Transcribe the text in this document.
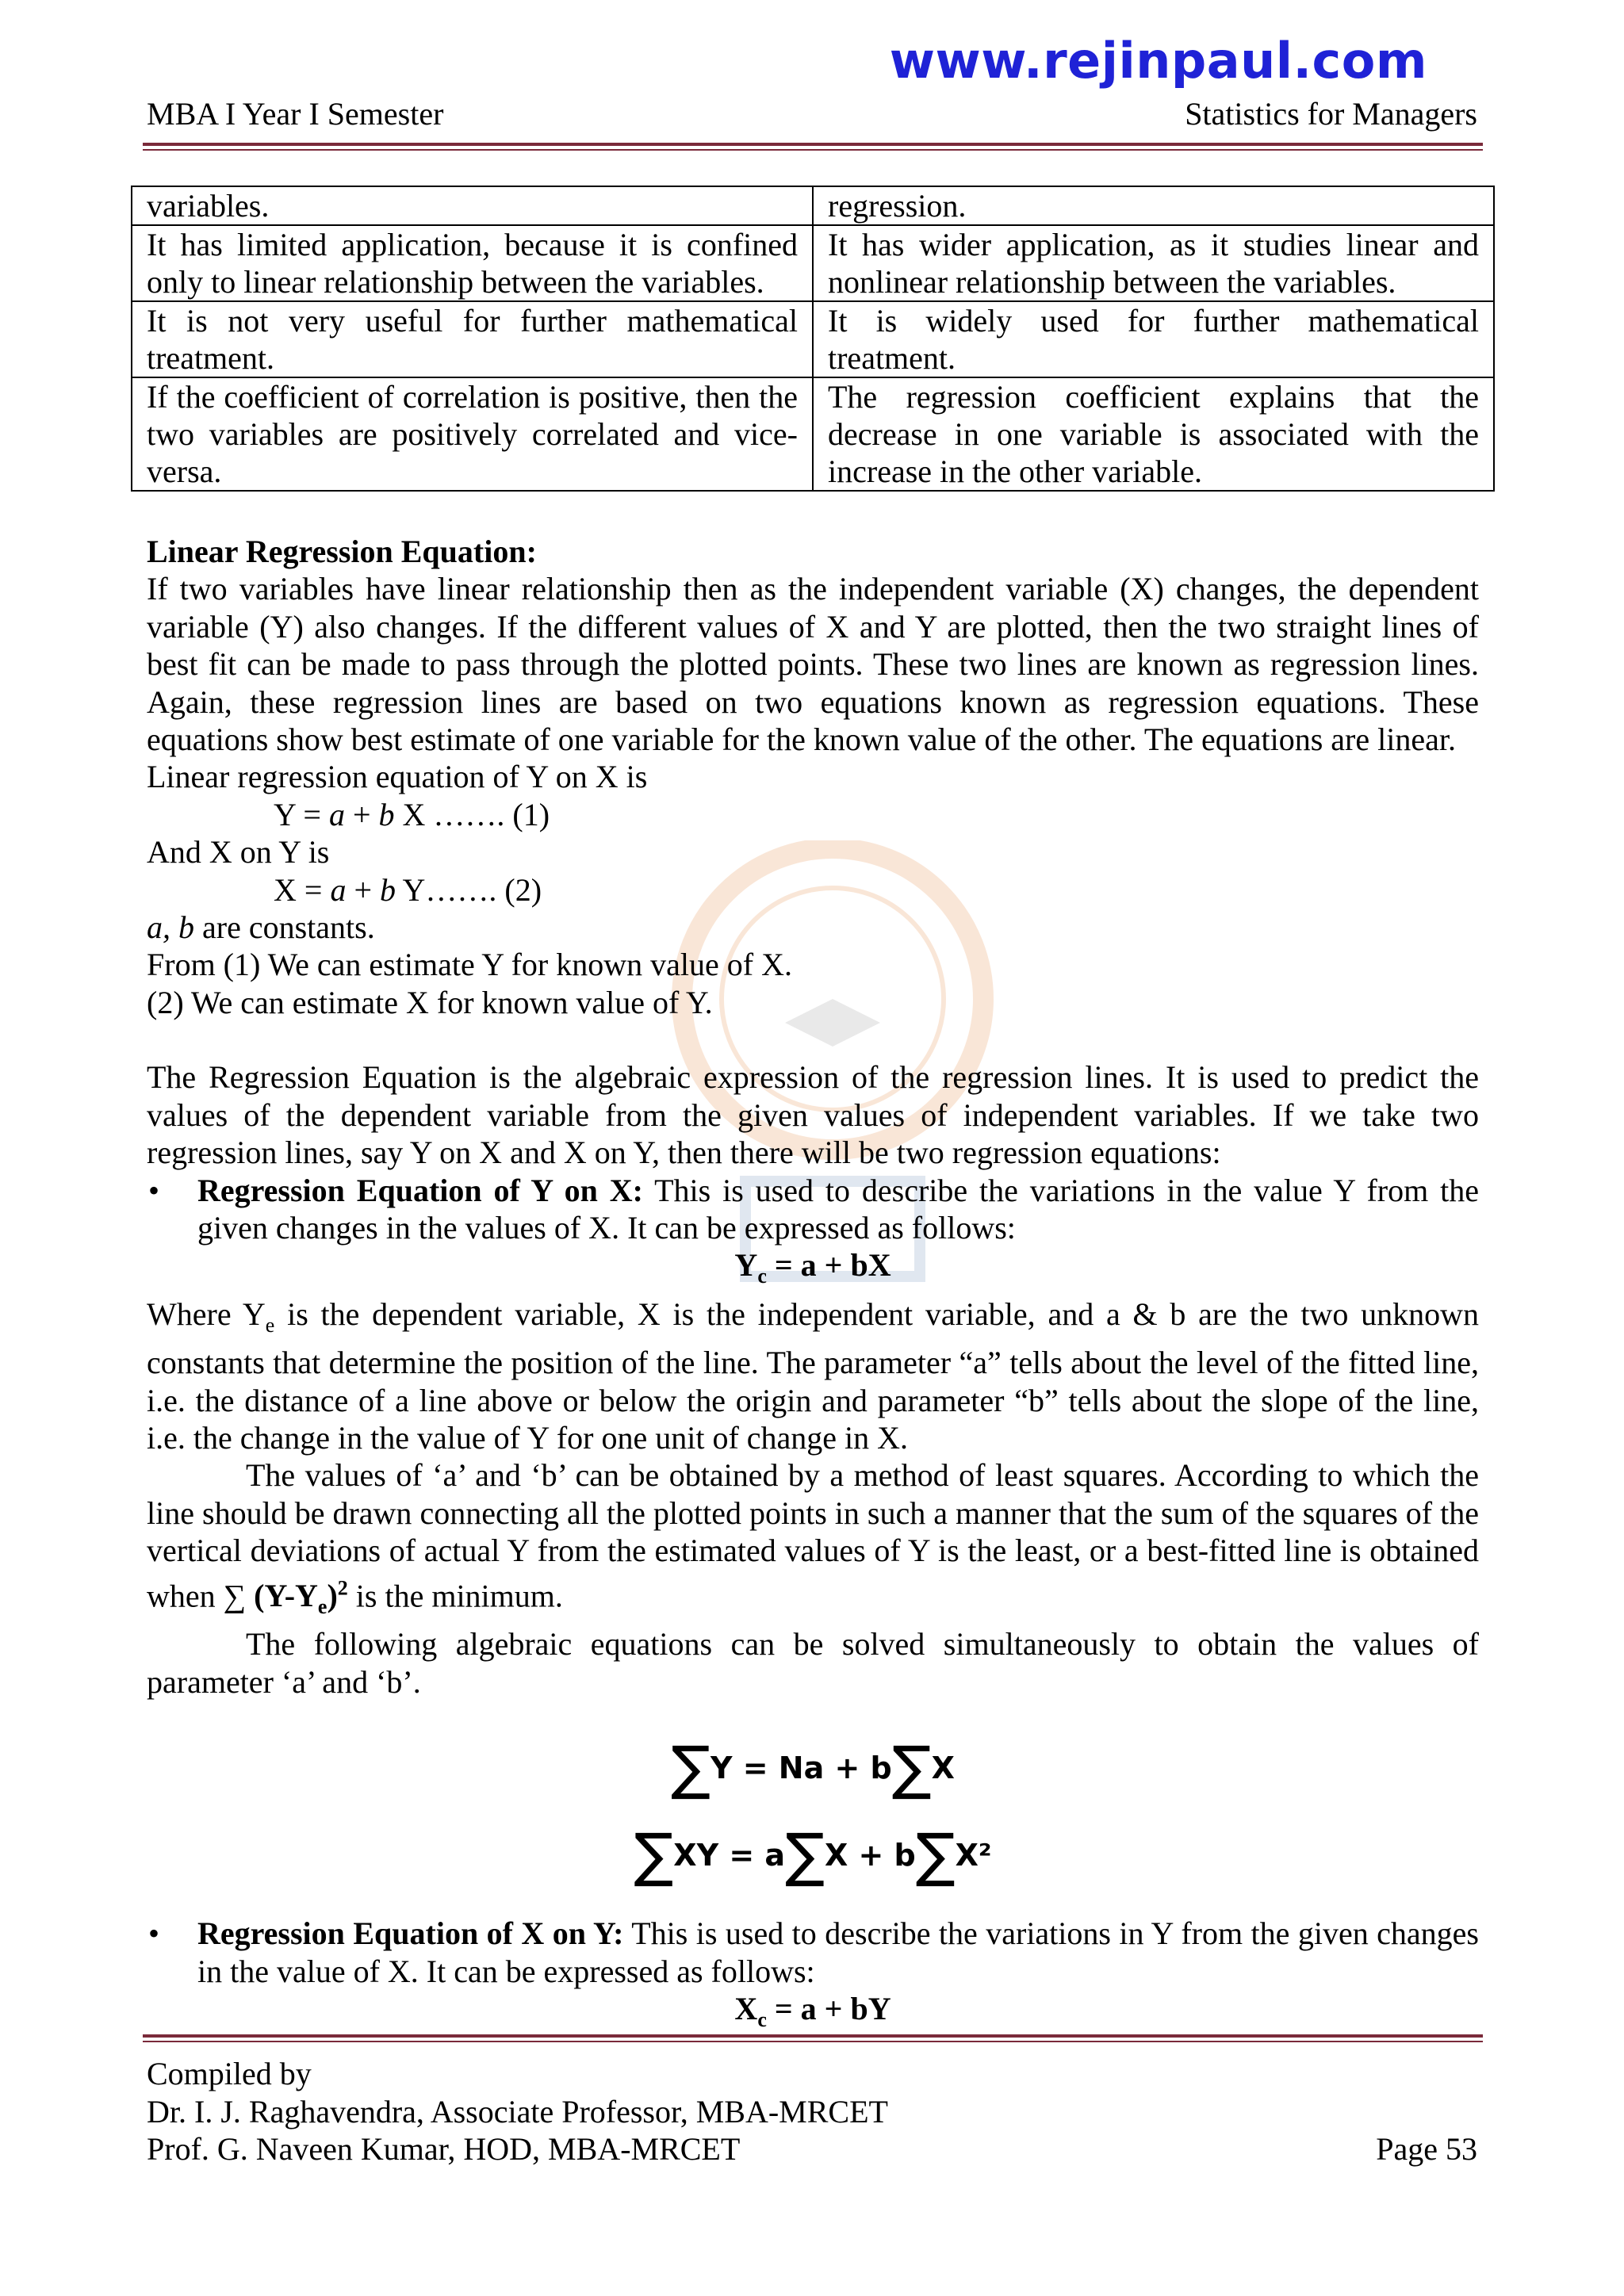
www.rejinpaul.com
MBA I Year I Semester	Statistics for Managers
variables.	regression.
It has limited application, because it is confined only to linear relationship between the variables.	It has wider application, as it studies linear and nonlinear relationship between the variables.
It is not very useful for further mathematical treatment.	It is widely used for further mathematical treatment.
If the coefficient of correlation is positive, then the two variables are positively correlated and vice-versa.	The regression coefficient explains that the decrease in one variable is associated with the increase in the other variable.

Linear Regression Equation:

If two variables have linear relationship then as the independent variable (X) changes, the dependent variable (Y) also changes. If the different values of X and Y are plotted, then the two straight lines of best fit can be made to pass through the plotted points. These two lines are known as regression lines. Again, these regression lines are based on two equations known as regression equations. These equations show best estimate of one variable for the known value of the other. The equations are linear.

Linear regression equation of Y on X is

Y = a + b X ……. (1)

And X on Y is

X = a + b Y……. (2)

a, b are constants.

From (1) We can estimate Y for known value of X.

(2) We can estimate X for known value of Y.

The Regression Equation is the algebraic expression of the regression lines. It is used to predict the values of the dependent variable from the given values of independent variables. If we take two regression lines, say Y on X and X on Y, then there will be two regression equations:

• Regression Equation of Y on X: This is used to describe the variations in the value Y from the given changes in the values of X. It can be expressed as follows:

$Y_c = a$ + bX

Where $Y_e$ is the dependent variable, X is the independent variable, and a & b are the two unknown constants that determine the position of the line. The parameter “a” tells about the level of the fitted line, i.e. the distance of a line above or below the origin and parameter “b” tells about the slope of the line, i.e. the change in the value of Y for one unit of change in X.

The values of ‘a’ and ‘b’ can be obtained by a method of least squares. According to which the line should be drawn connecting all the plotted points in such a manner that the sum of the squares of the vertical deviations of actual Y from the estimated values of Y is the least, or a best-fitted line is obtained when ∑ $(Y-Y_e)^2$ is the minimum.

The following algebraic equations can be solved simultaneously to obtain the values of parameter ‘a’ and ‘b’.

∑Y = Na + b∑X
∑XY = a∑X + b∑X²
• Regression Equation of X on Y: This is used to describe the variations in Y from the given changes in the value of X. It can be expressed as follows:

$X_c = a$ + bY

Compiled by
Dr. I. J. Raghavendra, Associate Professor, MBA-MRCET
Prof. G. Naveen Kumar, HOD, MBA-MRCET	Page 53
